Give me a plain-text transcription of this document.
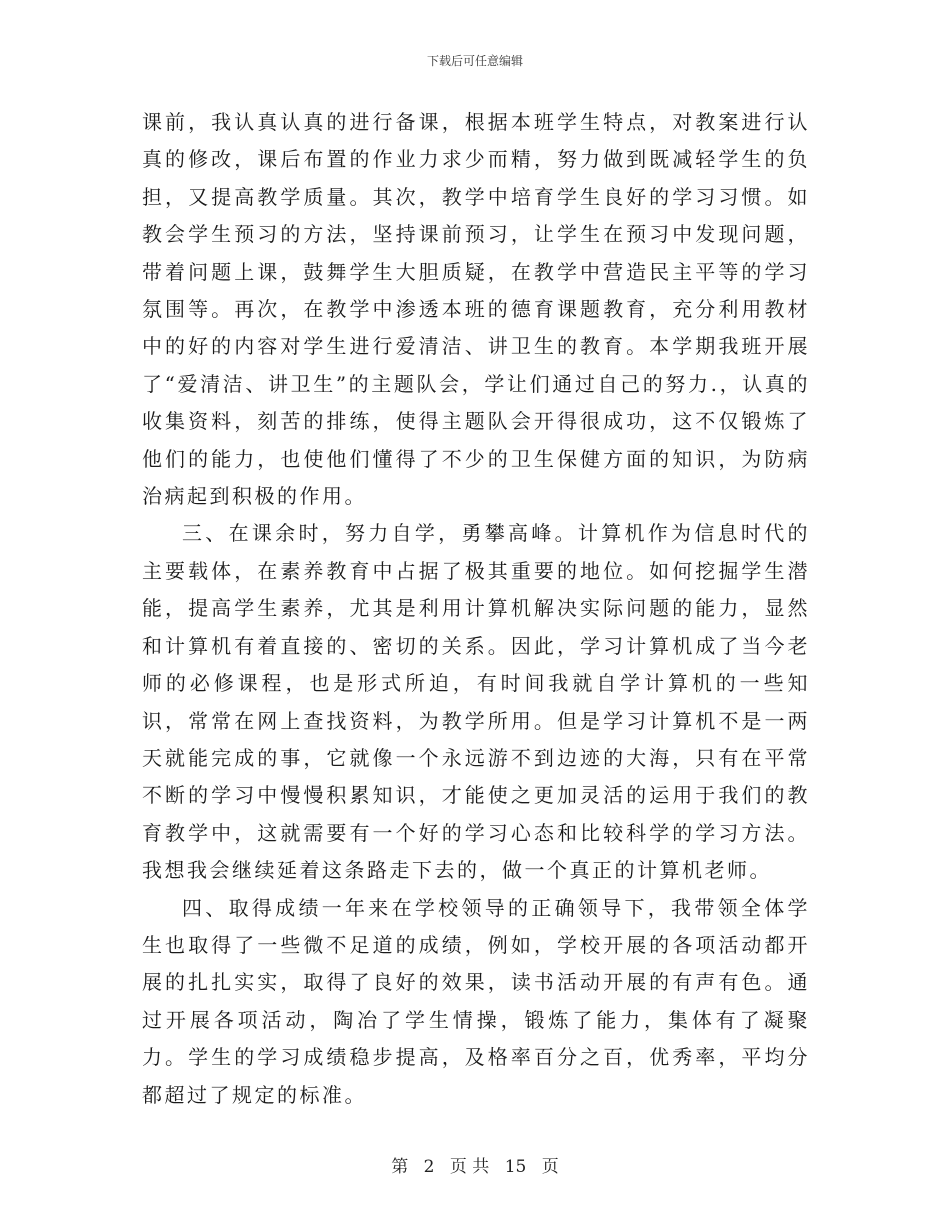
下载后可任意编辑

课前，我认真认真的进行备课，根据本班学生特点，对教案进行认真的修改，课后布置的作业力求少而精，努力做到既减轻学生的负担，又提高教学质量。其次，教学中培育学生良好的学习习惯。如教会学生预习的方法，坚持课前预习，让学生在预习中发现问题，带着问题上课，鼓舞学生大胆质疑，在教学中营造民主平等的学习氛围等。再次，在教学中渗透本班的德育课题教育，充分利用教材中的好的内容对学生进行爱清洁、讲卫生的教育。本学期我班开展了“爱清洁、讲卫生”的主题队会，学让们通过自己的努力.，认真的收集资料，刻苦的排练，使得主题队会开得很成功，这不仅锻炼了他们的能力，也使他们懂得了不少的卫生保健方面的知识，为防病治病起到积极的作用。

三、在课余时，努力自学，勇攀高峰。计算机作为信息时代的主要载体，在素养教育中占据了极其重要的地位。如何挖掘学生潜能，提高学生素养，尤其是利用计算机解决实际问题的能力，显然和计算机有着直接的、密切的关系。因此，学习计算机成了当今老师的必修课程，也是形式所迫，有时间我就自学计算机的一些知识，常常在网上查找资料，为教学所用。但是学习计算机不是一两天就能完成的事，它就像一个永远游不到边迹的大海，只有在平常不断的学习中慢慢积累知识，才能使之更加灵活的运用于我们的教育教学中，这就需要有一个好的学习心态和比较科学的学习方法。我想我会继续延着这条路走下去的，做一个真正的计算机老师。

四、取得成绩一年来在学校领导的正确领导下，我带领全体学生也取得了一些微不足道的成绩，例如，学校开展的各项活动都开展的扎扎实实，取得了良好的效果，读书活动开展的有声有色。通过开展各项活动，陶冶了学生情操，锻炼了能力，集体有了凝聚力。学生的学习成绩稳步提高，及格率百分之百，优秀率，平均分都超过了规定的标准。

第 2 页 共 15 页
